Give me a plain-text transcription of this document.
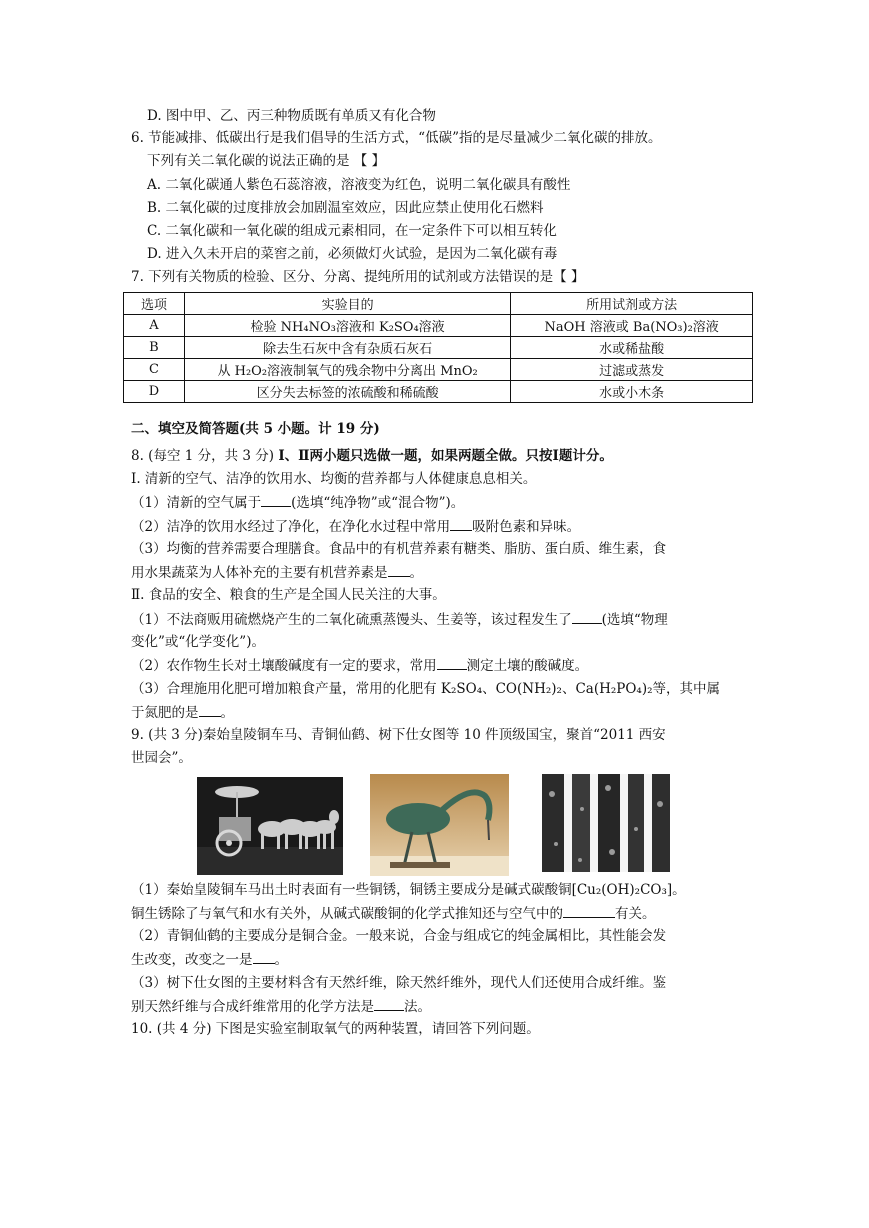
D. 图中甲、乙、丙三种物质既有单质又有化合物
6. 节能减排、低碳出行是我们倡导的生活方式，“低碳”指的是尽量减少二氧化碳的排放。
下列有关二氧化碳的说法正确的是 【 】
A. 二氧化碳通人紫色石蕊溶液，溶液变为红色，说明二氧化碳具有酸性
B. 二氧化碳的过度排放会加剧温室效应，因此应禁止使用化石燃料
C. 二氧化碳和一氧化碳的组成元素相同，在一定条件下可以相互转化
D. 进入久未开启的菜窖之前，必须做灯火试验，是因为二氧化碳有毒
7. 下列有关物质的检验、区分、分离、提纯所用的试剂或方法错误的是【 】
选项	实验目的	所用试剂或方法
A	检验 NH₄NO₃溶液和 K₂SO₄溶液	NaOH 溶液或 Ba(NO₃)₂溶液
B	除去生石灰中含有杂质石灰石	水或稀盐酸
C	从 H₂O₂溶液制氧气的残余物中分离出 MnO₂	过滤或蒸发
D	区分失去标签的浓硫酸和稀硫酸	水或小木条
二、填空及简答题(共 5 小题。计 19 分)
8. (每空 1 分，共 3 分) Ⅰ、Ⅱ两小题只选做一题，如果两题全做。只按Ⅰ题计分。
Ⅰ. 清新的空气、洁净的饮用水、均衡的营养都与人体健康息息相关。
（1）清新的空气属于 (选填“纯净物”或“混合物”)。
（2）洁净的饮用水经过了净化，在净化水过程中常用 吸附色素和异味。
（3）均衡的营养需要合理膳食。食品中的有机营养素有糖类、脂肪、蛋白质、维生素，食
用水果蔬菜为人体补充的主要有机营养素是 。
Ⅱ. 食品的安全、粮食的生产是全国人民关注的大事。
（1）不法商贩用硫燃烧产生的二氧化硫熏蒸馒头、生姜等，该过程发生了 (选填“物理
变化”或“化学变化”)。
（2）农作物生长对土壤酸碱度有一定的要求，常用 测定土壤的酸碱度。
（3）合理施用化肥可增加粮食产量，常用的化肥有 K₂SO₄、CO(NH₂)₂、Ca(H₂PO₄)₂等，其中属
于氮肥的是 。
9. (共 3 分)秦始皇陵铜车马、青铜仙鹤、树下仕女图等 10 件顶级国宝，聚首“2011 西安
世园会”。
（1）秦始皇陵铜车马出土时表面有一些铜锈，铜锈主要成分是碱式碳酸铜[Cu₂(OH)₂CO₃]。
铜生锈除了与氧气和水有关外，从碱式碳酸铜的化学式推知还与空气中的	有关。
（2）青铜仙鹤的主要成分是铜合金。一般来说，合金与组成它的纯金属相比，其性能会发
生改变，改变之一是 。
（3）树下仕女图的主要材料含有天然纤维，除天然纤维外，现代人们还使用合成纤维。鉴
别天然纤维与合成纤维常用的化学方法是 法。
10. (共 4 分) 下图是实验室制取氧气的两种装置，请回答下列问题。
